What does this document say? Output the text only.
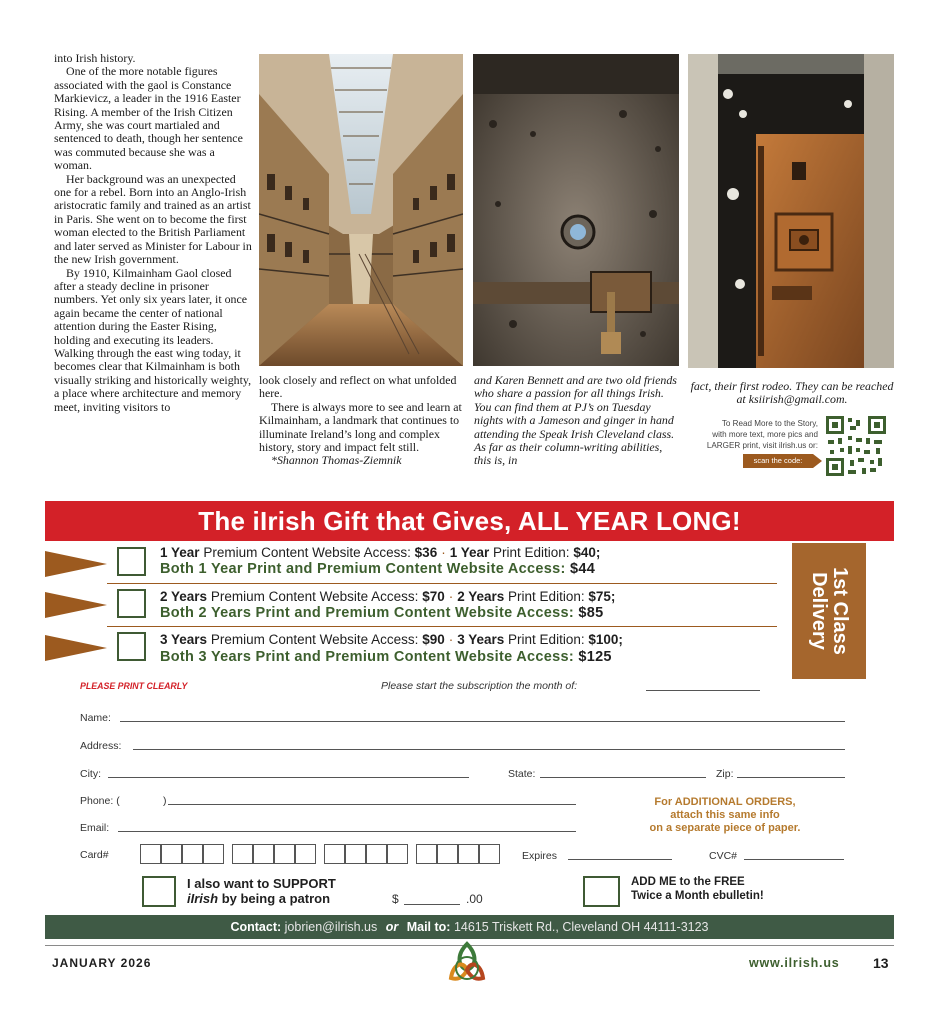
into Irish history.

One of the more notable figures associated with the gaol is Constance Markievicz, a leader in the 1916 Easter Rising. A member of the Irish Citizen Army, she was court martialed and sentenced to death, though her sentence was commuted because she was a woman.

Her background was an unexpected one for a rebel. Born into an Anglo-Irish aristocratic family and trained as an artist in Paris. She went on to become the first woman elected to the British Parliament and later served as Minister for Labour in the new Irish government.

By 1910, Kilmainham Gaol closed after a steady decline in prisoner numbers. Yet only six years later, it once again became the center of national attention during the Easter Rising, holding and executing its leaders. Walking through the east wing today, it becomes clear that Kilmainham is both visually striking and historically weighty, a place where architecture and memory meet, inviting visitors to

look closely and reflect on what unfolded here.

There is always more to see and learn at Kilmainham, a landmark that continues to illuminate Ireland’s long and complex history, story and impact felt still.

*Shannon Thomas-Ziemnik

and Karen Bennett and are two old friends who share a passion for all things Irish. You can find them at PJ’s on Tuesday nights with a Jameson and ginger in hand attending the Speak Irish Cleveland class. As far as their column-writing abilities, this is, in
fact, their first rodeo. They can be reached at ksiirish@gmail.com.
To Read More to the Story,
with more text, more pics and
LARGER print, visit ilrish.us or:
scan the code:
The iIrish Gift that Gives, ALL YEAR LONG!
1 Year Premium Content Website Access: $36 · 1 Year Print Edition: $40;
Both 1 Year Print and Premium Content Website Access: $44
2 Years Premium Content Website Access: $70 · 2 Years Print Edition: $75;
Both 2 Years Print and Premium Content Website Access: $85
3 Years Premium Content Website Access: $90 · 3 Years Print Edition: $100;
Both 3 Years Print and Premium Content Website Access: $125
1st Class
Delivery
PLEASE PRINT CLEARLY	Please start the subscription the month of:
Name:
Address:
City:	State:	Zip:
Phone: (	)
Email:
For ADDITIONAL ORDERS,
attach this same info
on a separate piece of paper.
Card#	Expires	CVC#
I also want to SUPPORT
iIrish by being a patron	$	.00
ADD ME to the FREE
Twice a Month ebulletin!
Contact: jobrien@ilrish.us or Mail to: 14615 Triskett Rd., Cleveland OH 44111-3123
JANUARY 2026	www.ilrish.us 13
